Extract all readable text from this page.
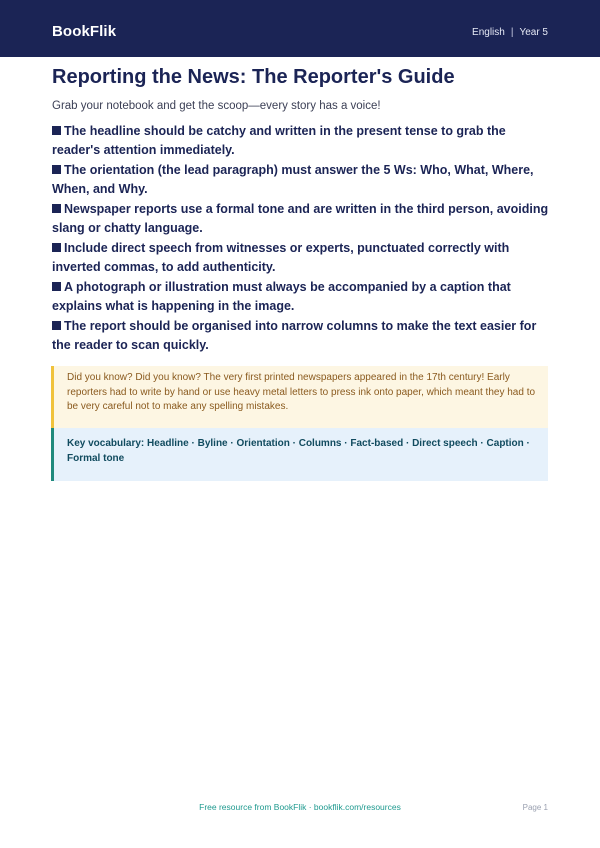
BookFlik	English | Year 5
Reporting the News: The Reporter's Guide

Grab your notebook and get the scoop—every story has a voice!

The headline should be catchy and written in the present tense to grab the reader's attention immediately.
The orientation (the lead paragraph) must answer the 5 Ws: Who, What, Where, When, and Why.
Newspaper reports use a formal tone and are written in the third person, avoiding slang or chatty language.
Include direct speech from witnesses or experts, punctuated correctly with inverted commas, to add authenticity.
A photograph or illustration must always be accompanied by a caption that explains what is happening in the image.
The report should be organised into narrow columns to make the text easier for the reader to scan quickly.
Did you know? Did you know? The very first printed newspapers appeared in the 17th century! Early reporters had to write by hand or use heavy metal letters to press ink onto paper, which meant they had to be very careful not to make any spelling mistakes.
Key vocabulary: Headline · Byline · Orientation · Columns · Fact-based · Direct speech · Caption · Formal tone
Free resource from BookFlik · bookflik.com/resources	Page 1
